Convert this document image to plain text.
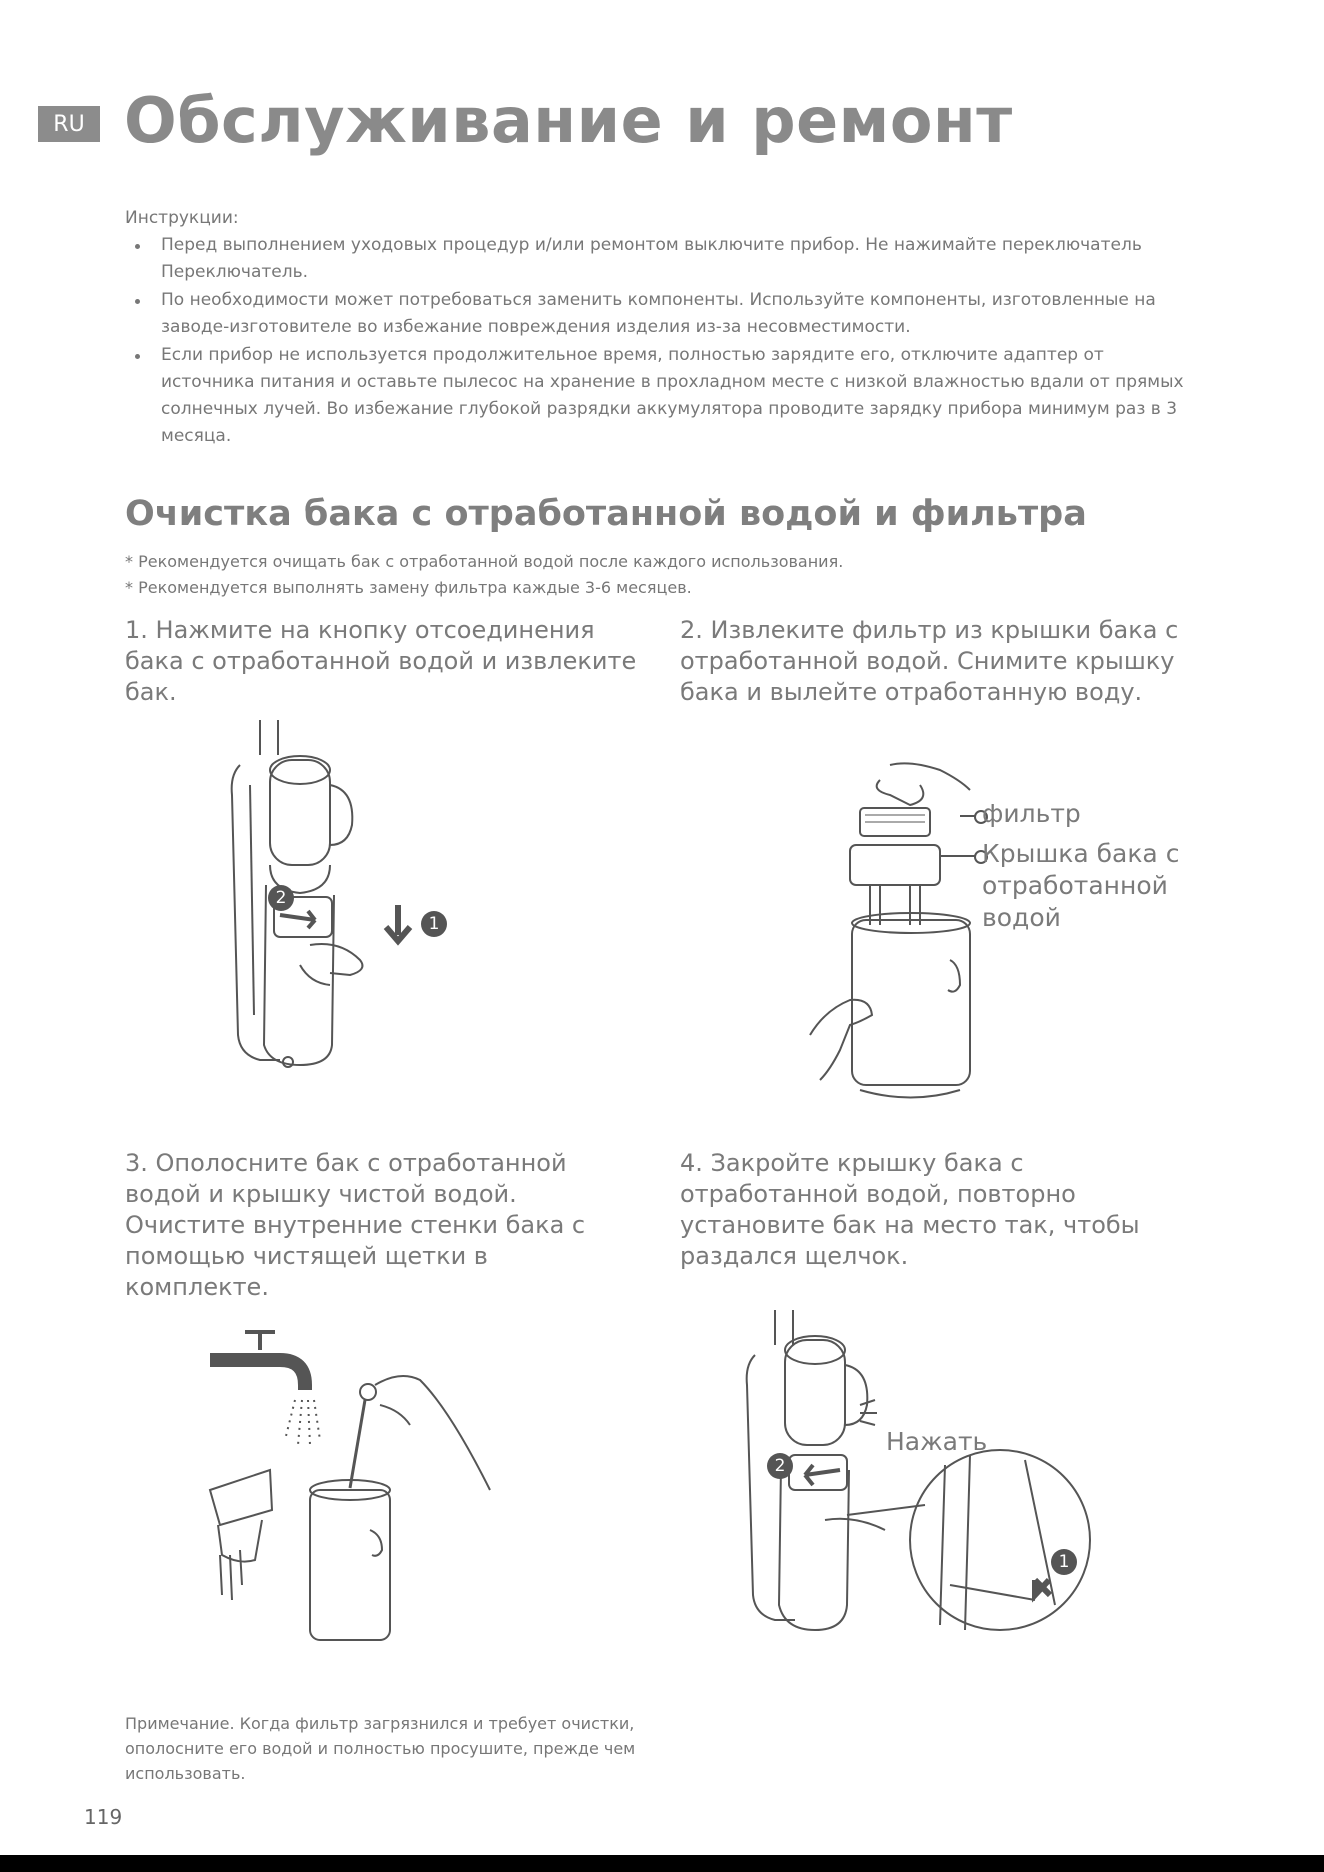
RU Обслуживание и ремонт
Инструкции:
Перед выполнением уходовых процедур и/или ремонтом выключите прибор. Не нажимайте переключатель Переключатель.
По необходимости может потребоваться заменить компоненты. Используйте компоненты, изготовленные на заводе-изготовителе во избежание повреждения изделия из-за несовместимости.
Если прибор не используется продолжительное время, полностью зарядите его, отключите адаптер от источника питания и оставьте пылесос на хранение в прохладном месте с низкой влажностью вдали от прямых солнечных лучей. Во избежание глубокой разрядки аккумулятора проводите зарядку прибора минимум раз в 3 месяца.
Очистка бака с отработанной водой и фильтра
* Рекомендуется очищать бак с отработанной водой после каждого использования.
* Рекомендуется выполнять замену фильтра каждые 3-6 месяцев.
1. Нажмите на кнопку отсоединения бака с отработанной водой и извлеките бак.
2. Извлеките фильтр из крышки бака с отработанной водой. Снимите крышку бака и вылейте отработанную воду.
3. Ополосните бак с отработанной водой и крышку чистой водой. Очистите внутренние стенки бака с помощью чистящей щетки в комплекте.
4. Закройте крышку бака с отработанной водой, повторно установите бак на место так, чтобы раздался щелчок.
2
1
фильтр
Крышка бака с отработанной водой
2
1
Нажать
Примечание. Когда фильтр загрязнился и требует очистки, ополосните его водой и полностью просушите, прежде чем использовать.
119
